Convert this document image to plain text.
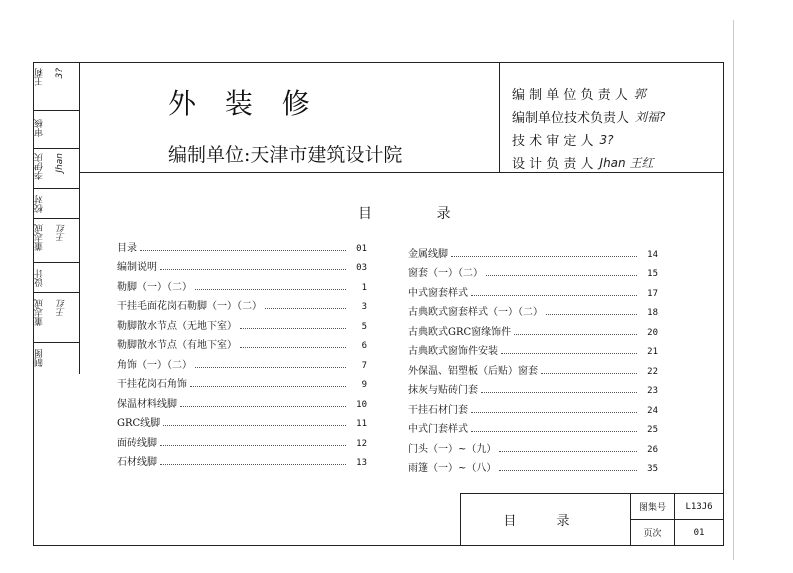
外 装 修
编制单位:天津市建筑设计院
编 制 单 位 负 责 人 郭
编制单位技术负责人 刘福?
技 术 审 定 人 3?
设 计 负 责 人 Jhan 王红
王莉 3?
审核
李伊庆 Jhan
校对
董志成 王红
设计
董志成 王红
制图
目 录
目录	01
编制说明	03
勒脚（一）（二）	1
干挂毛面花岗石勒脚（一）（二）	3
勒脚散水节点（无地下室）	5
勒脚散水节点（有地下室）	6
角饰（一）（二）	7
干挂花岗石角饰	9
保温材料线脚	10
GRC线脚	11
面砖线脚	12
石材线脚	13
金属线脚	14
窗套（一）（二）	15
中式窗套样式	17
古典欧式窗套样式（一）（二）	18
古典欧式GRC窗缘饰件	20
古典欧式窗饰件安装	21
外保温、铝塑板（后贴）窗套	22
抹灰与贴砖门套	23
干挂石材门套	24
中式门套样式	25
门头（一）~（九）	26
雨篷（一）~（八）	35
目 录
图集号	L13J6
页次	01
